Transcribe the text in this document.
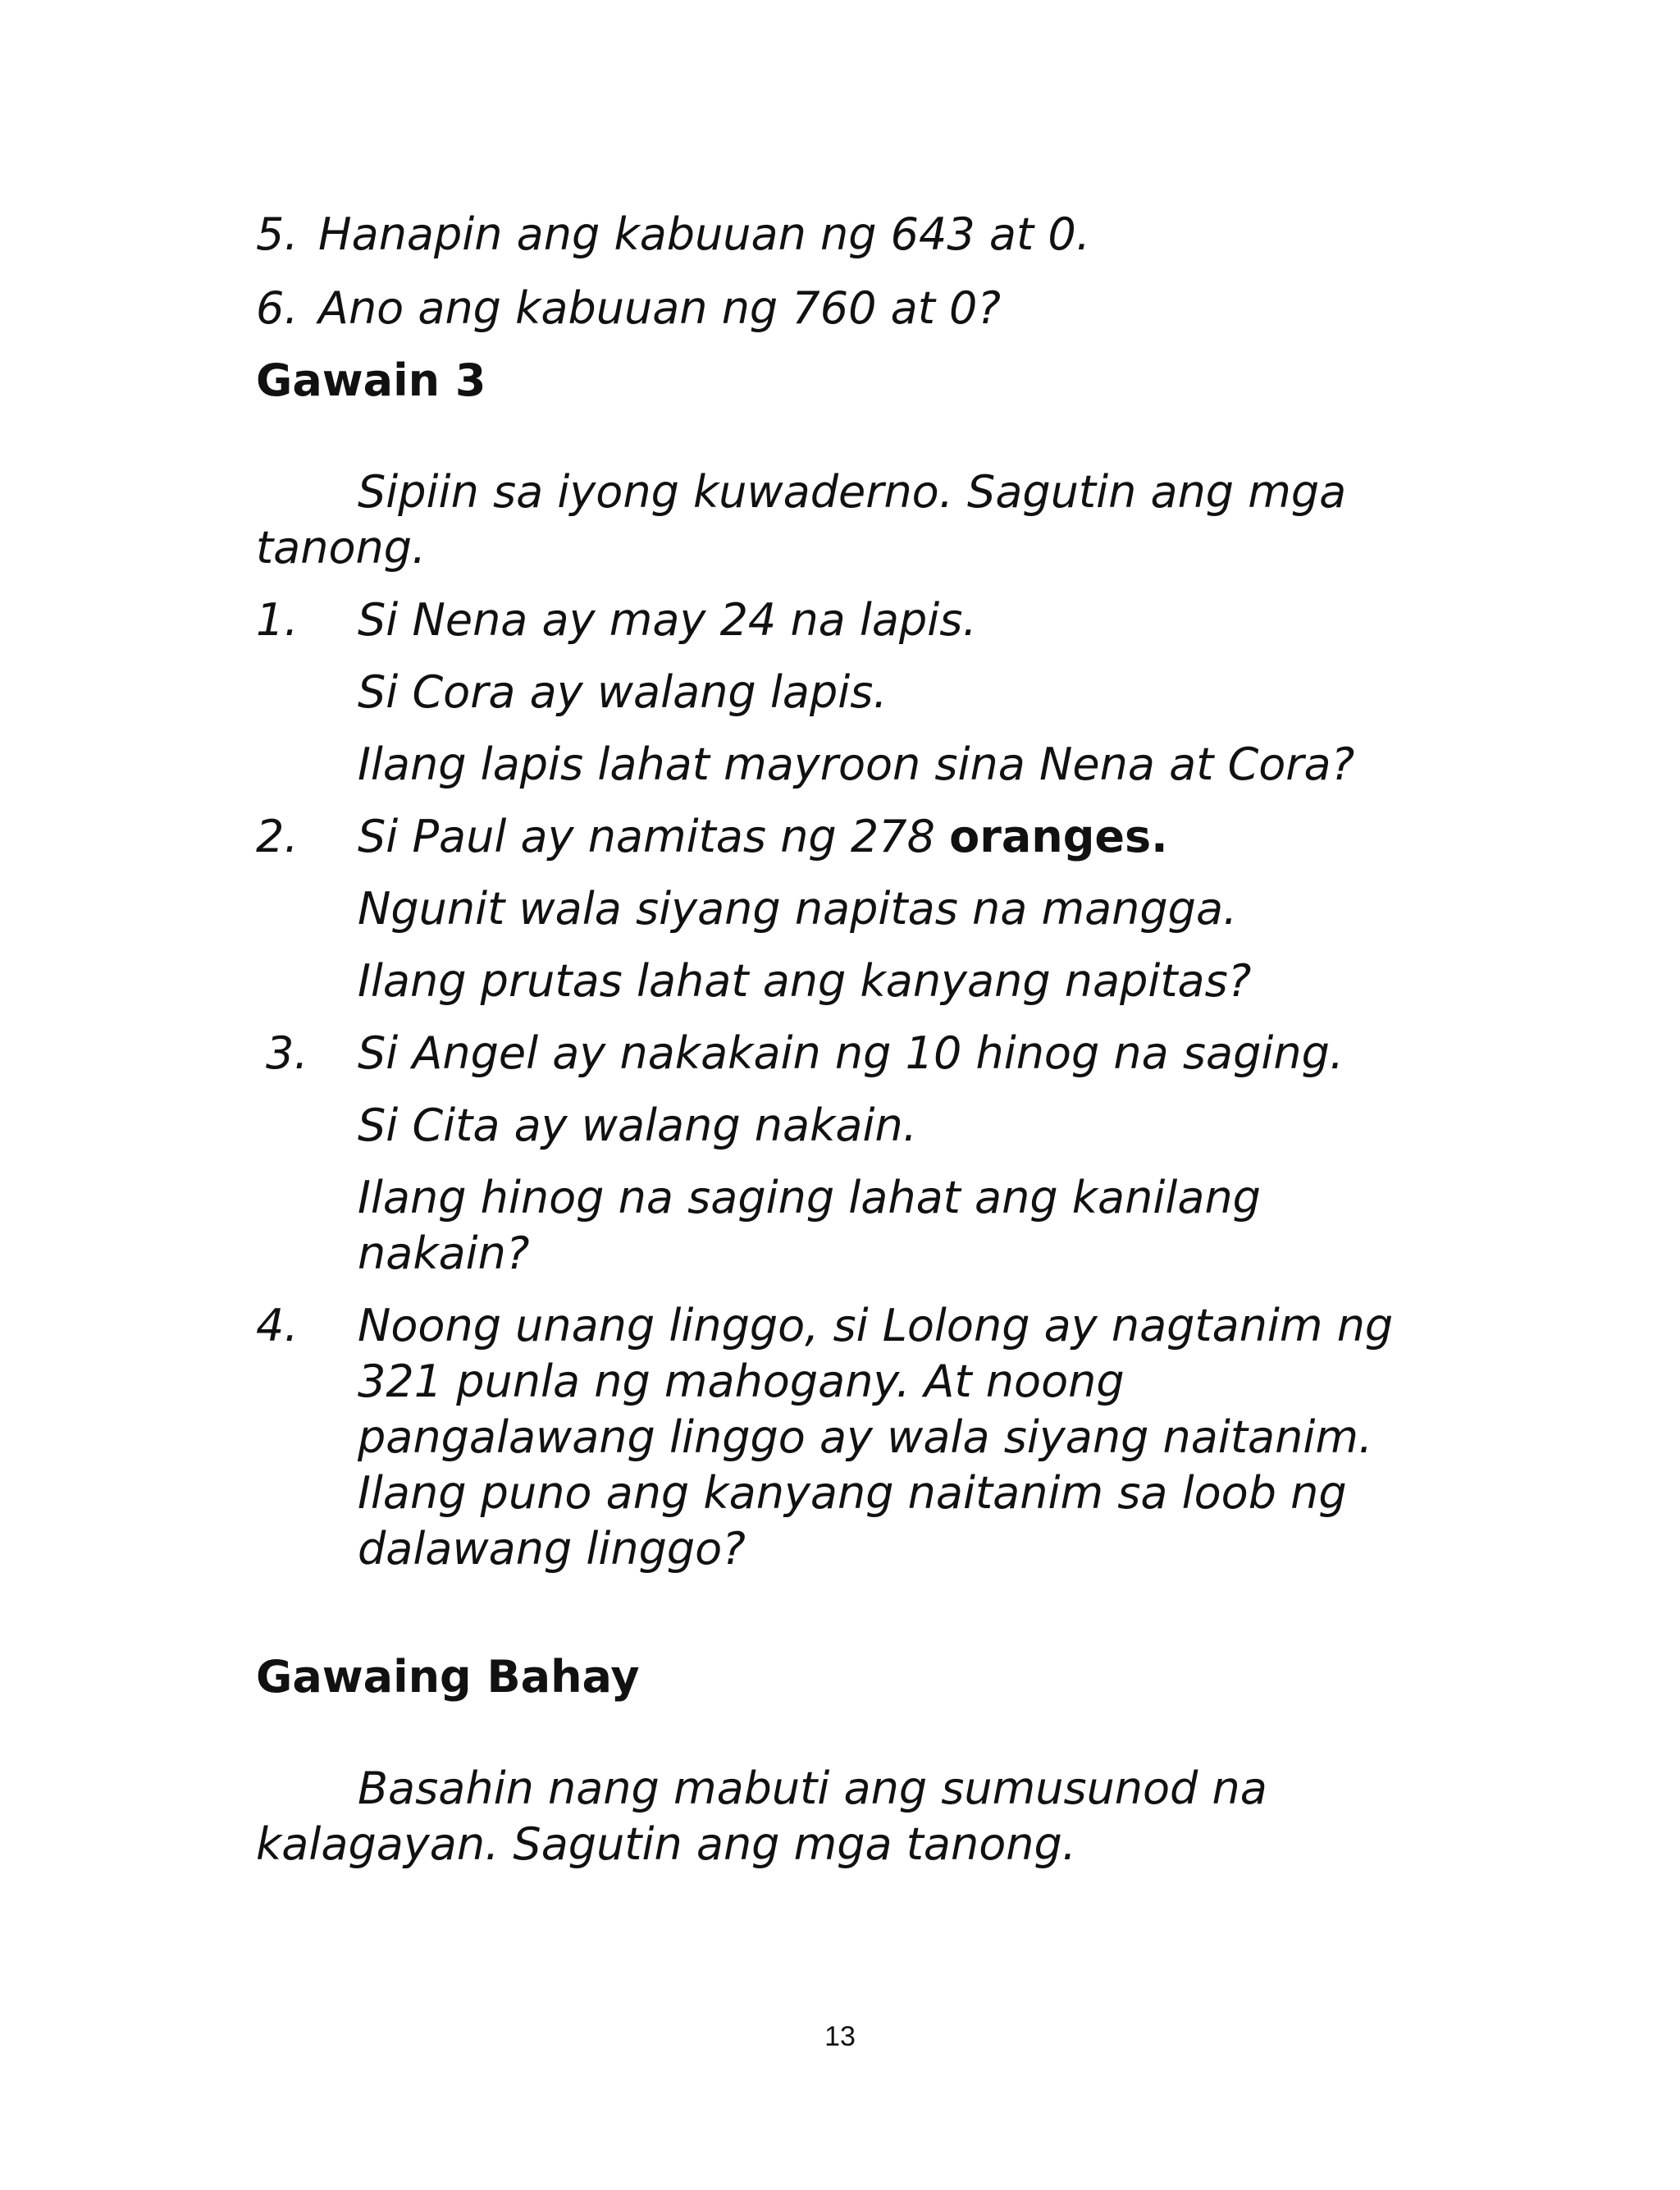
5. Hanapin ang kabuuan ng 643 at 0.
6. Ano ang kabuuan ng 760 at 0?
Gawain 3
Sipiin sa iyong kuwaderno. Sagutin ang mga
tanong.
1. Si Nena ay may 24 na lapis.
Si Cora ay walang lapis.
Ilang lapis lahat mayroon sina Nena at Cora?
2. Si Paul ay namitas ng 278 oranges.
Ngunit wala siyang napitas na mangga.
Ilang prutas lahat ang kanyang napitas?
3. Si Angel ay nakakain ng 10 hinog na saging.
Si Cita ay walang nakain.
Ilang hinog na saging lahat ang kanilang
nakain?
4. Noong unang linggo, si Lolong ay nagtanim ng
321 punla ng mahogany. At noong
pangalawang linggo ay wala siyang naitanim.
Ilang puno ang kanyang naitanim sa loob ng
dalawang linggo?
Gawaing Bahay
Basahin nang mabuti ang sumusunod na
kalagayan. Sagutin ang mga tanong.
13
